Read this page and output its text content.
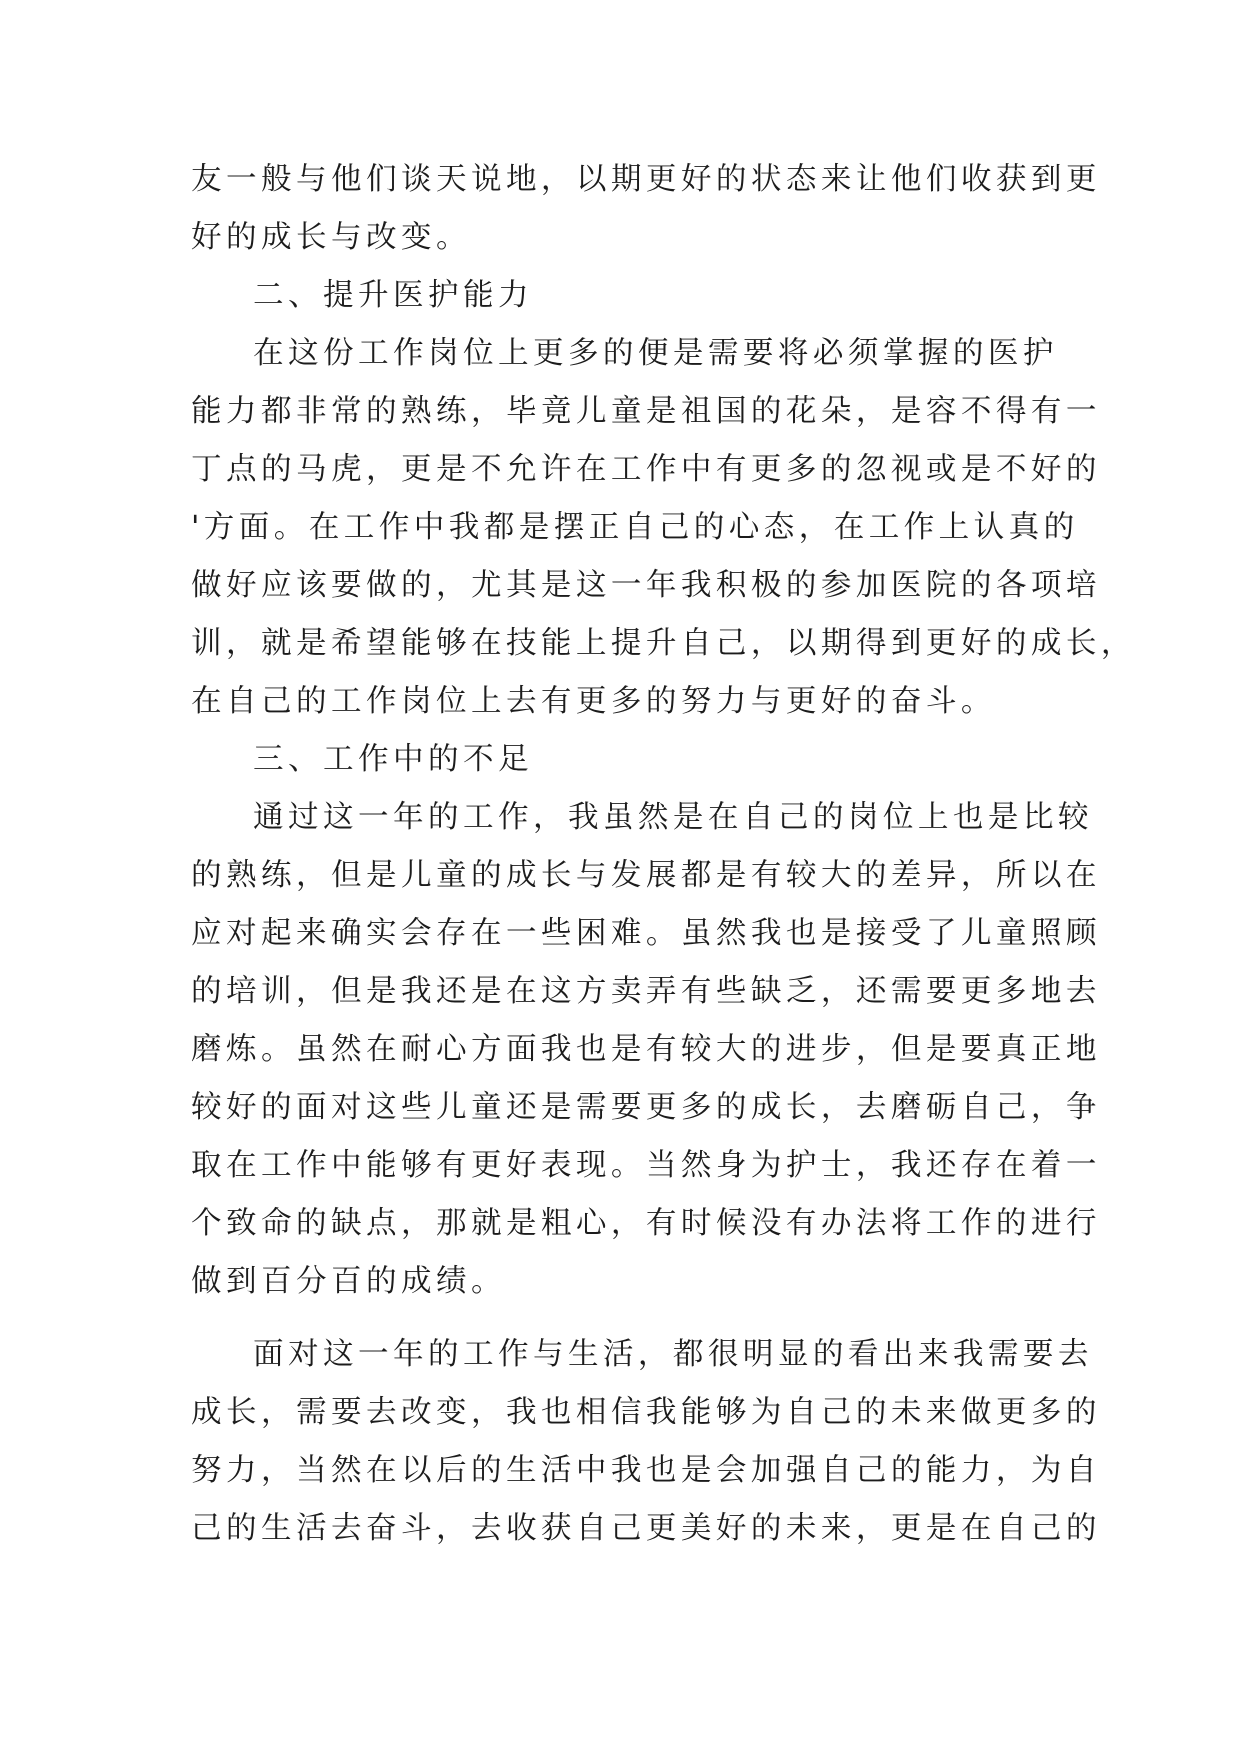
友一般与他们谈天说地，以期更好的状态来让他们收获到更
好的成长与改变。
二、提升医护能力
在这份工作岗位上更多的便是需要将必须掌握的医护
能力都非常的熟练，毕竟儿童是祖国的花朵，是容不得有一
丁点的马虎，更是不允许在工作中有更多的忽视或是不好的
'方面。在工作中我都是摆正自己的心态，在工作上认真的
做好应该要做的，尤其是这一年我积极的参加医院的各项培
训，就是希望能够在技能上提升自己，以期得到更好的成长，
在自己的工作岗位上去有更多的努力与更好的奋斗。
三、工作中的不足
通过这一年的工作，我虽然是在自己的岗位上也是比较
的熟练，但是儿童的成长与发展都是有较大的差异，所以在
应对起来确实会存在一些困难。虽然我也是接受了儿童照顾
的培训，但是我还是在这方卖弄有些缺乏，还需要更多地去
磨炼。虽然在耐心方面我也是有较大的进步，但是要真正地
较好的面对这些儿童还是需要更多的成长，去磨砺自己，争
取在工作中能够有更好表现。当然身为护士，我还存在着一
个致命的缺点，那就是粗心，有时候没有办法将工作的进行
做到百分百的成绩。
面对这一年的工作与生活，都很明显的看出来我需要去
成长，需要去改变，我也相信我能够为自己的未来做更多的
努力，当然在以后的生活中我也是会加强自己的能力，为自
己的生活去奋斗，去收获自己更美好的未来，更是在自己的
